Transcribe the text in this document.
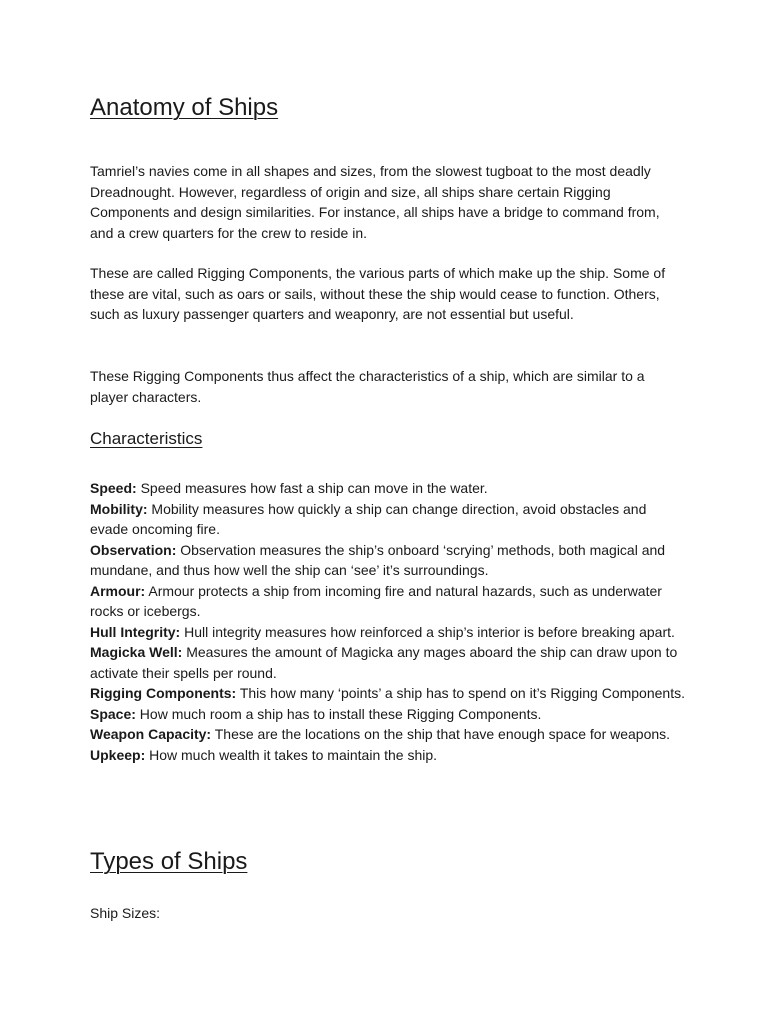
Anatomy of Ships

Tamriel’s navies come in all shapes and sizes, from the slowest tugboat to the most deadly Dreadnought. However, regardless of origin and size, all ships share certain Rigging Components and design similarities. For instance, all ships have a bridge to command from, and a crew quarters for the crew to reside in.

These are called Rigging Components, the various parts of which make up the ship. Some of these are vital, such as oars or sails, without these the ship would cease to function. Others, such as luxury passenger quarters and weaponry, are not essential but useful.

These Rigging Components thus affect the characteristics of a ship, which are similar to a player characters.

Characteristics
Speed: Speed measures how fast a ship can move in the water.
Mobility: Mobility measures how quickly a ship can change direction, avoid obstacles and evade oncoming fire.
Observation: Observation measures the ship’s onboard ‘scrying’ methods, both magical and mundane, and thus how well the ship can ‘see’ it’s surroundings.
Armour: Armour protects a ship from incoming fire and natural hazards, such as underwater rocks or icebergs.
Hull Integrity: Hull integrity measures how reinforced a ship’s interior is before breaking apart.
Magicka Well: Measures the amount of Magicka any mages aboard the ship can draw upon to activate their spells per round.
Rigging Components: This how many ‘points’ a ship has to spend on it’s Rigging Components.
Space: How much room a ship has to install these Rigging Components.
Weapon Capacity: These are the locations on the ship that have enough space for weapons.
Upkeep: How much wealth it takes to maintain the ship.
Types of Ships

Ship Sizes:
